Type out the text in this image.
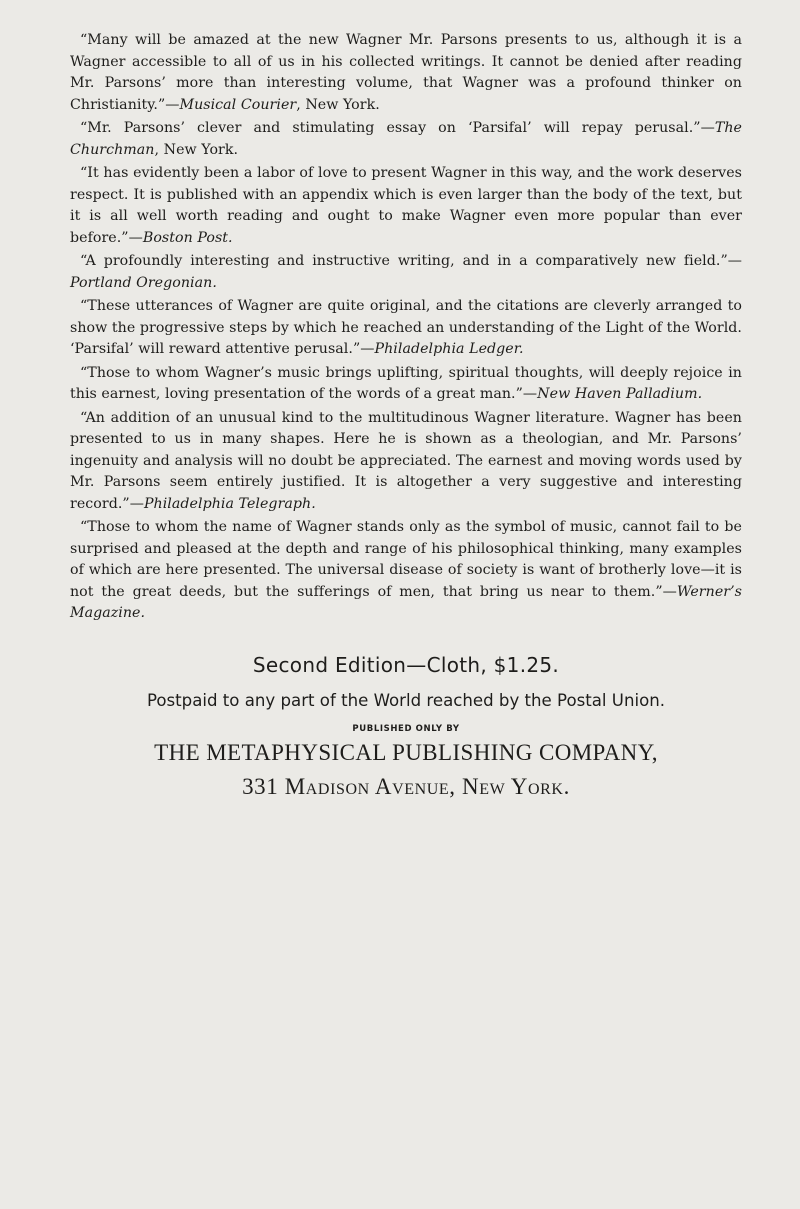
“Many will be amazed at the new Wagner Mr. Parsons presents to us, although it is a Wagner accessible to all of us in his collected writings. It cannot be denied after reading Mr. Parsons’ more than interesting volume, that Wagner was a profound thinker on Christianity.”—Musical Courier, New York.

“Mr. Parsons’ clever and stimulating essay on ‘Parsifal’ will repay perusal.”—The Churchman, New York.

“It has evidently been a labor of love to present Wagner in this way, and the work deserves respect. It is published with an appendix which is even larger than the body of the text, but it is all well worth reading and ought to make Wagner even more popular than ever before.”—Boston Post.

“A profoundly interesting and instructive writing, and in a comparatively new field.”—Portland Oregonian.

“These utterances of Wagner are quite original, and the citations are cleverly arranged to show the progressive steps by which he reached an understanding of the Light of the World. ‘Parsifal’ will reward attentive perusal.”—Philadelphia Ledger.

“Those to whom Wagner’s music brings uplifting, spiritual thoughts, will deeply rejoice in this earnest, loving presentation of the words of a great man.”—New Haven Palladium.

“An addition of an unusual kind to the multitudinous Wagner literature. Wagner has been presented to us in many shapes. Here he is shown as a theologian, and Mr. Parsons’ ingenuity and analysis will no doubt be appreciated. The earnest and moving words used by Mr. Parsons seem entirely justified. It is altogether a very suggestive and interesting record.”—Philadelphia Telegraph.

“Those to whom the name of Wagner stands only as the symbol of music, cannot fail to be surprised and pleased at the depth and range of his philosophical thinking, many examples of which are here presented. The universal disease of society is want of brotherly love—it is not the great deeds, but the sufferings of men, that bring us near to them.”—Werner’s Magazine.

Second Edition—Cloth, $1.25.
Postpaid to any part of the World reached by the Postal Union.
PUBLISHED ONLY BY
THE METAPHYSICAL PUBLISHING COMPANY,
331 Madison Avenue, New York.
